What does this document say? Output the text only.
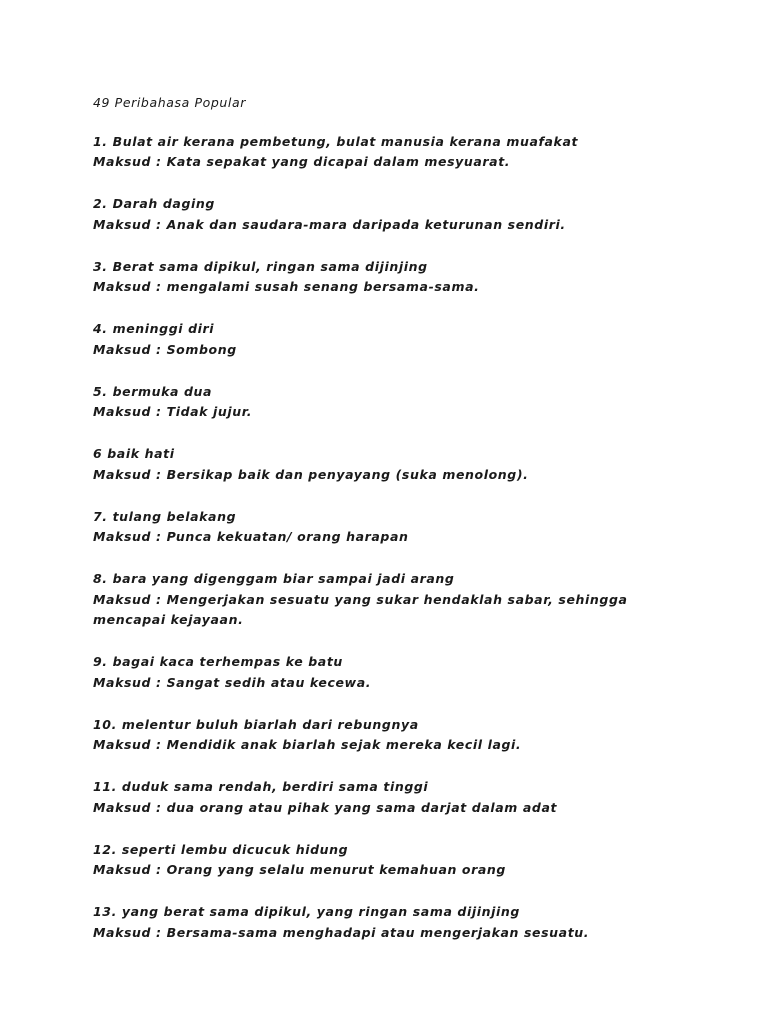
49 Peribahasa Popular
1. Bulat air kerana pembetung, bulat manusia kerana muafakat
Maksud : Kata sepakat yang dicapai dalam mesyuarat.
2. Darah daging
Maksud : Anak dan saudara-mara daripada keturunan sendiri.
3. Berat sama dipikul, ringan sama dijinjing
Maksud : mengalami susah senang bersama-sama.
4. meninggi diri
Maksud : Sombong
5. bermuka dua
Maksud : Tidak jujur.
6 baik hati
Maksud : Bersikap baik dan penyayang (suka menolong).
7. tulang belakang
Maksud : Punca kekuatan/ orang harapan
8. bara yang digenggam biar sampai jadi arang
Maksud : Mengerjakan sesuatu yang sukar hendaklah sabar, sehingga mencapai kejayaan.
9. bagai kaca terhempas ke batu
Maksud : Sangat sedih atau kecewa.
10. melentur buluh biarlah dari rebungnya
Maksud : Mendidik anak biarlah sejak mereka kecil lagi.
11. duduk sama rendah, berdiri sama tinggi
Maksud : dua orang atau pihak yang sama darjat dalam adat
12. seperti lembu dicucuk hidung
Maksud : Orang yang selalu menurut kemahuan orang
13. yang berat sama dipikul, yang ringan sama dijinjing
Maksud : Bersama-sama menghadapi atau mengerjakan sesuatu.
